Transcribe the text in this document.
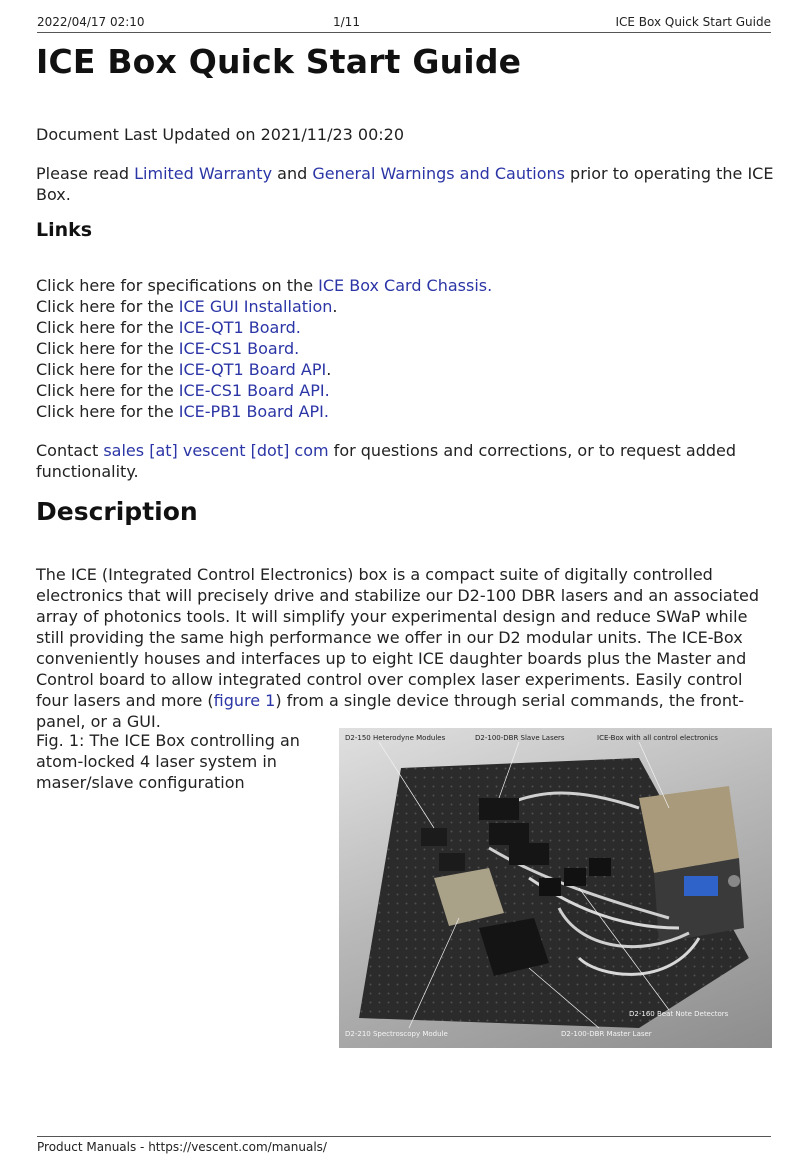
2022/04/17 02:10	1/11	ICE Box Quick Start Guide
ICE Box Quick Start Guide

Document Last Updated on 2021/11/23 00:20

Please read Limited Warranty and General Warnings and Cautions prior to operating the ICE Box.

Links
Click here for specifications on the ICE Box Card Chassis.
Click here for the ICE GUI Installation.
Click here for the ICE-QT1 Board.
Click here for the ICE-CS1 Board.
Click here for the ICE-QT1 Board API.
Click here for the ICE-CS1 Board API.
Click here for the ICE-PB1 Board API.

Contact sales [at] vescent [dot] com for questions and corrections, or to request added functionality.

Description

The ICE (Integrated Control Electronics) box is a compact suite of digitally controlled electronics that will precisely drive and stabilize our D2-100 DBR lasers and an associated array of photonics tools. It will simplify your experimental design and reduce SWaP while still providing the same high performance we offer in our D2 modular units. The ICE-Box conveniently houses and interfaces up to eight ICE daughter boards plus the Master and Control board to allow integrated control over complex laser experiments. Easily control four lasers and more (figure 1) from a single device through serial commands, the front-panel, or a GUI.

Fig. 1: The ICE Box controlling an atom-locked 4 laser system in maser/slave configuration

D2-150 Heterodyne Modules	D2-100-DBR Slave Lasers	ICE-Box with all control electronics
D2-160 Beat Note Detectors
D2-210 Spectroscopy Module	D2-100-DBR Master Laser
Product Manuals - https://vescent.com/manuals/
